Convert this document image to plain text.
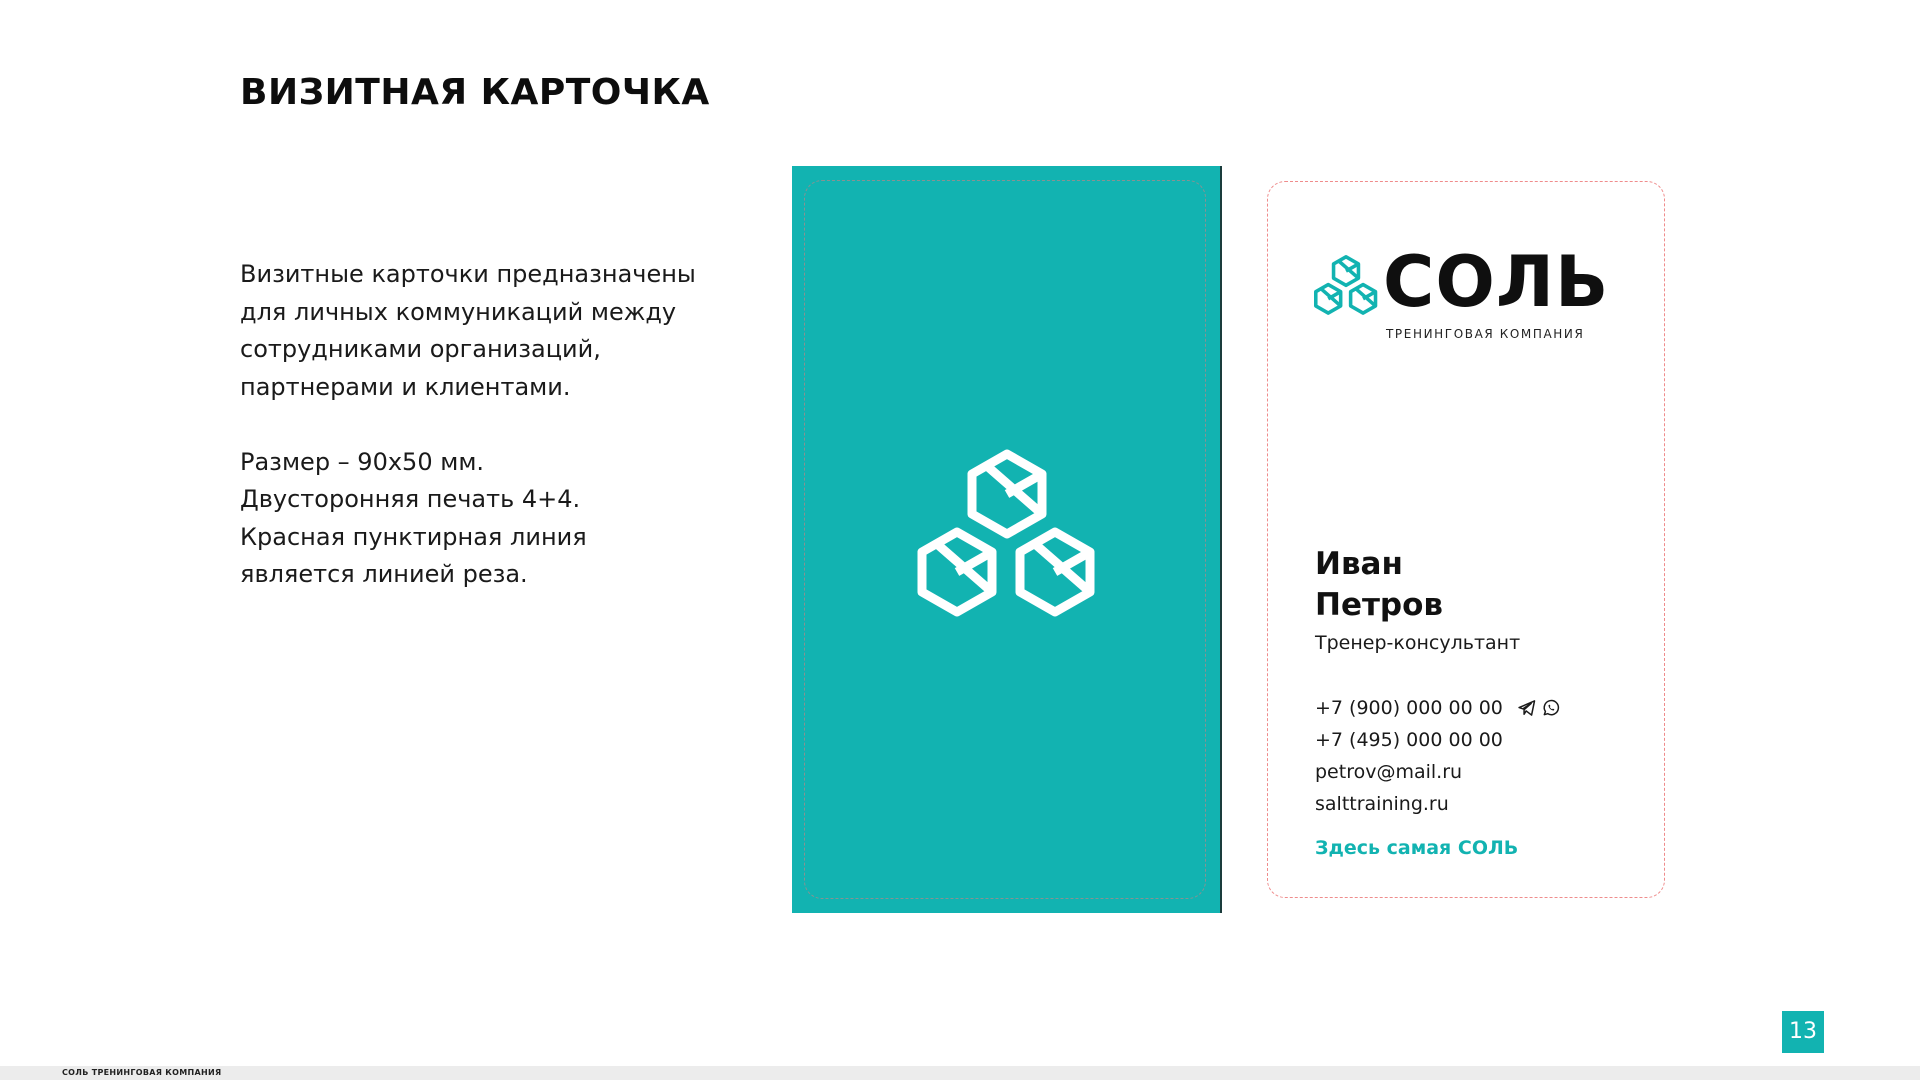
ВИЗИТНАЯ КАРТОЧКА

Визитные карточки предназначены
для личных коммуникаций между
сотрудниками организаций,
партнерами и клиентами.

Размер – 90х50 мм.
Двусторонняя печать 4+4.
Красная пунктирная линия
является линией реза.

СОЛЬ

ТРЕНИНГОВАЯ КОМПАНИЯ
Иван
Петров
Тренер-консультант
+7 (900) 000 00 00
+7 (495) 000 00 00
petrov@mail.ru
salttraining.ru
Здесь самая СОЛЬ
13
СОЛЬ ТРЕНИНГОВАЯ КОМПАНИЯ
